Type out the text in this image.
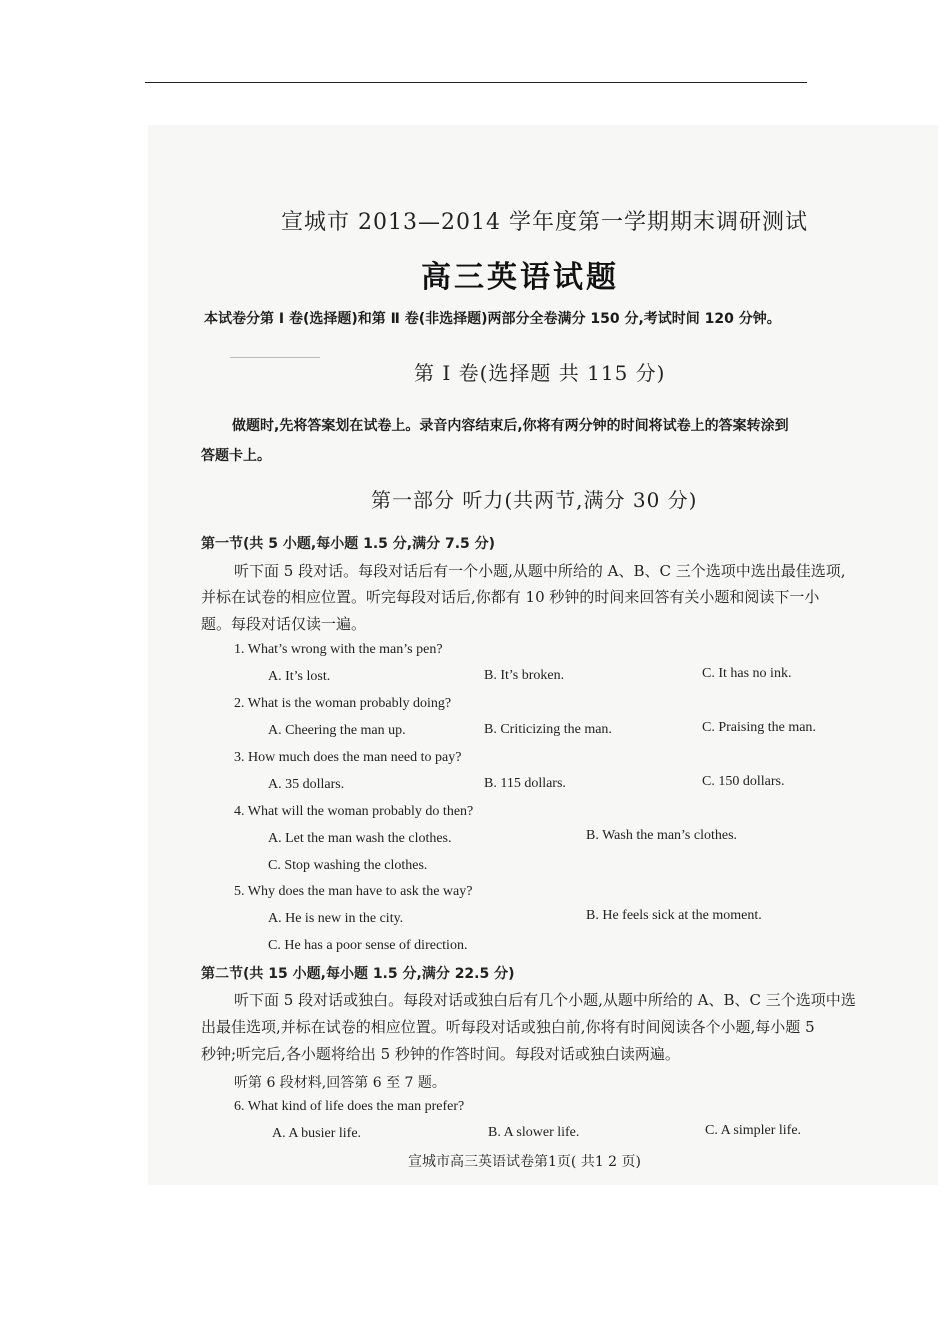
宣城市 2013—2014 学年度第一学期期末调研测试
高三英语试题
本试卷分第 Ⅰ 卷(选择题)和第 Ⅱ 卷(非选择题)两部分全卷满分 150 分,考试时间 120 分钟。
第 Ⅰ 卷(选择题 共 115 分)
做题时,先将答案划在试卷上。录音内容结束后,你将有两分钟的时间将试卷上的答案转涂到
答题卡上。
第一部分 听力(共两节,满分 30 分)
第一节(共 5 小题,每小题 1.5 分,满分 7.5 分)
听下面 5 段对话。每段对话后有一个小题,从题中所给的 A、B、C 三个选项中选出最佳选项,
并标在试卷的相应位置。听完每段对话后,你都有 10 秒钟的时间来回答有关小题和阅读下一小
题。每段对话仅读一遍。
1. What’s wrong with the man’s pen?
A. It’s lost.	B. It’s broken.	C. It has no ink.
2. What is the woman probably doing?
A. Cheering the man up.	B. Criticizing the man.	C. Praising the man.
3. How much does the man need to pay?
A. 35 dollars.	B. 115 dollars.	C. 150 dollars.
4. What will the woman probably do then?
A. Let the man wash the clothes.	B. Wash the man’s clothes.
C. Stop washing the clothes.
5. Why does the man have to ask the way?
A. He is new in the city.	B. He feels sick at the moment.
C. He has a poor sense of direction.
第二节(共 15 小题,每小题 1.5 分,满分 22.5 分)
听下面 5 段对话或独白。每段对话或独白后有几个小题,从题中所给的 A、B、C 三个选项中选
出最佳选项,并标在试卷的相应位置。听每段对话或独白前,你将有时间阅读各个小题,每小题 5
秒钟;听完后,各小题将给出 5 秒钟的作答时间。每段对话或独白读两遍。
听第 6 段材料,回答第 6 至 7 题。
6. What kind of life does the man prefer?
A. A busier life.	B. A slower life.	C. A simpler life.
宣城市高三英语试卷第1页( 共1 2 页)
